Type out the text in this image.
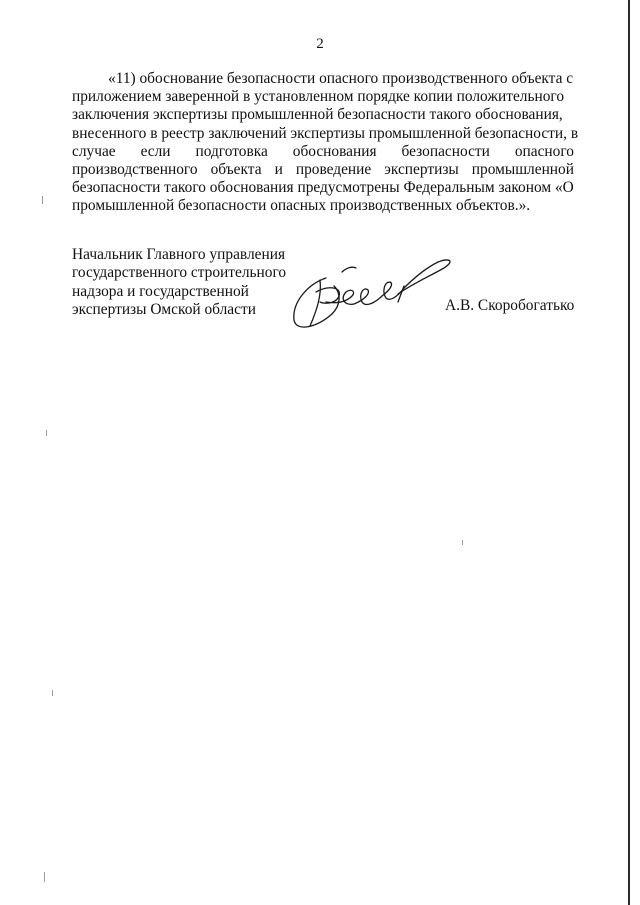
2
«11) обоснование безопасности опасного производственного объекта с
приложением заверенной в установленном порядке копии положительного
заключения экспертизы промышленной безопасности такого обоснования,
внесенного в реестр заключений экспертизы промышленной безопасности, в
случае если подготовка обоснования безопасности опасного
производственного объекта и проведение экспертизы промышленной
безопасности такого обоснования предусмотрены Федеральным законом «О
промышленной безопасности опасных производственных объектов.».
Начальник Главного управления
государственного строительного
надзора и государственной
экспертизы Омской области	А.В. Скоробогатько
